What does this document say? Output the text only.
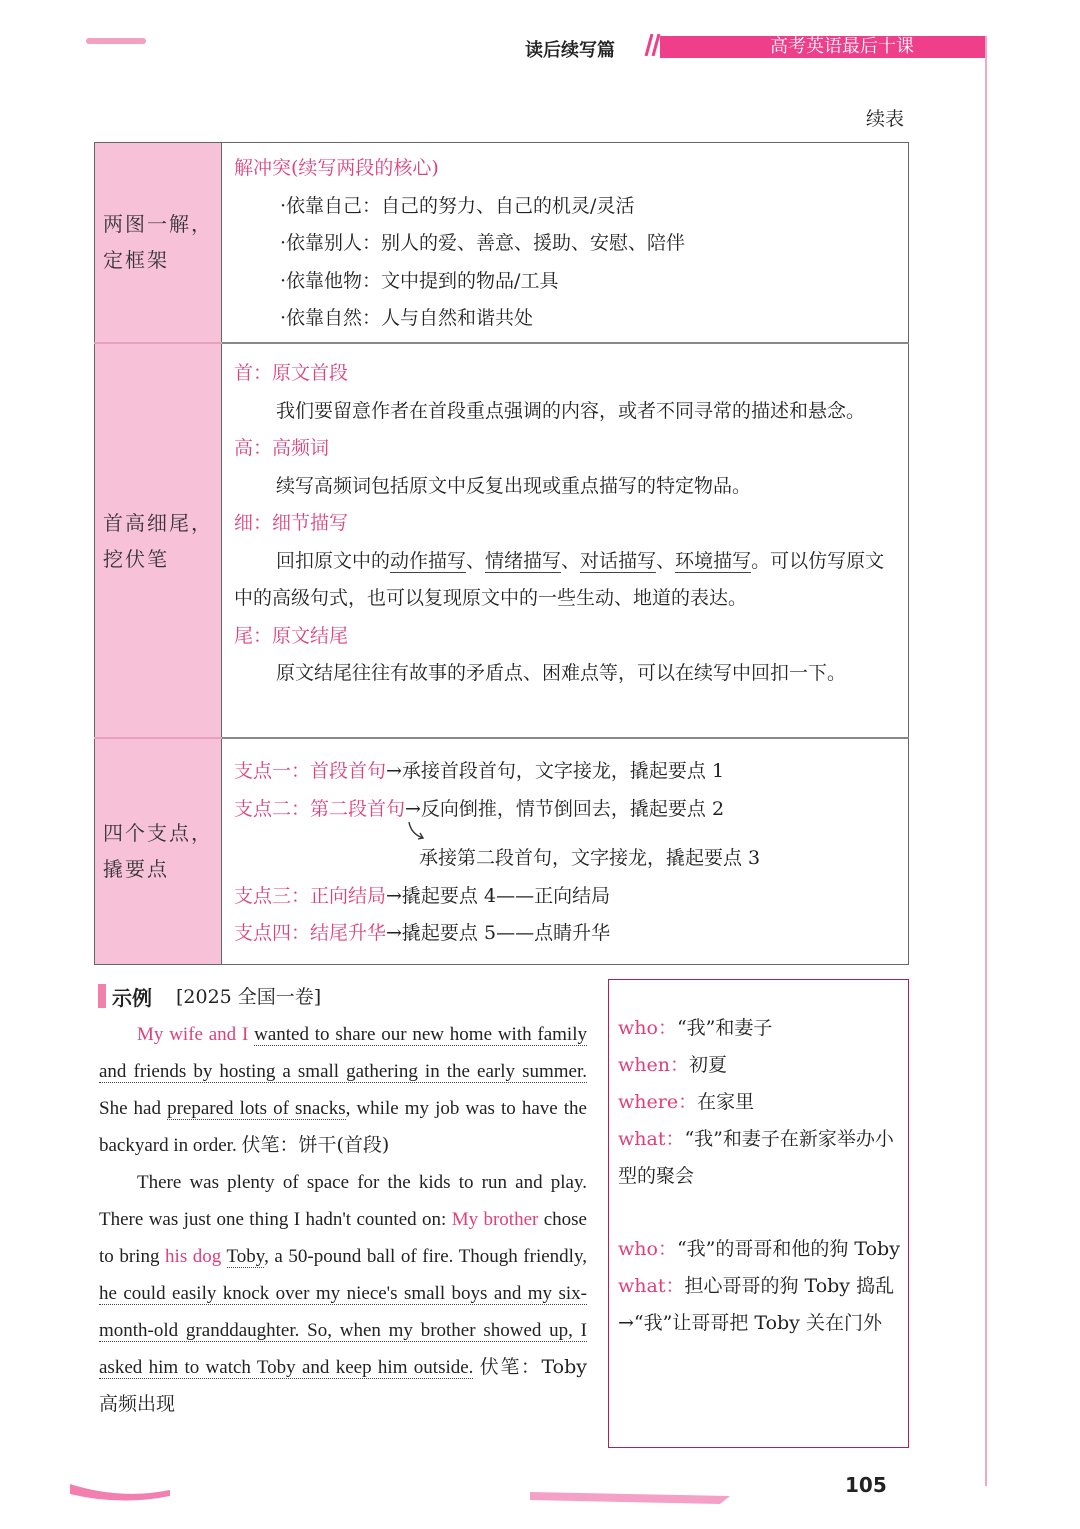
读后续写篇	高考英语最后十课
续表
两图一解，
定框架
解冲突(续写两段的核心)
·依靠自己：自己的努力、自己的机灵/灵活
·依靠别人：别人的爱、善意、援助、安慰、陪伴
·依靠他物：文中提到的物品/工具
·依靠自然：人与自然和谐共处
首高细尾，
挖伏笔
首：原文首段
我们要留意作者在首段重点强调的内容，或者不同寻常的描述和悬念。
高：高频词
续写高频词包括原文中反复出现或重点描写的特定物品。
细：细节描写
回扣原文中的动作描写、情绪描写、对话描写、环境描写。可以仿写原文中的高级句式，也可以复现原文中的一些生动、地道的表达。
尾：原文结尾
原文结尾往往有故事的矛盾点、困难点等，可以在续写中回扣一下。
四个支点，
撬要点
支点一：首段首句→承接首段首句，文字接龙，撬起要点 1
支点二：第二段首句→反向倒推，情节倒回去，撬起要点 2
承接第二段首句，文字接龙，撬起要点 3
支点三：正向结局→撬起要点 4——正向结局
支点四：结尾升华→撬起要点 5——点睛升华
示例 [2025 全国一卷]

My wife and I wanted to share our new home with family and friends by hosting a small gathering in the early summer. She had prepared lots of snacks, while my job was to have the backyard in order. 伏笔：饼干(首段)

There was plenty of space for the kids to run and play. There was just one thing I hadn't counted on: My brother chose to bring his dog Toby, a 50-pound ball of fire. Though friendly, he could easily knock over my niece's small boys and my six-month-old granddaughter. So, when my brother showed up, I asked him to watch Toby and keep him outside. 伏笔：Toby 高频出现

who：“我”和妻子
when：初夏
where：在家里
what：“我”和妻子在新家举办小型的聚会
who：“我”的哥哥和他的狗 Toby
what：担心哥哥的狗 Toby 捣乱→“我”让哥哥把 Toby 关在门外
105
